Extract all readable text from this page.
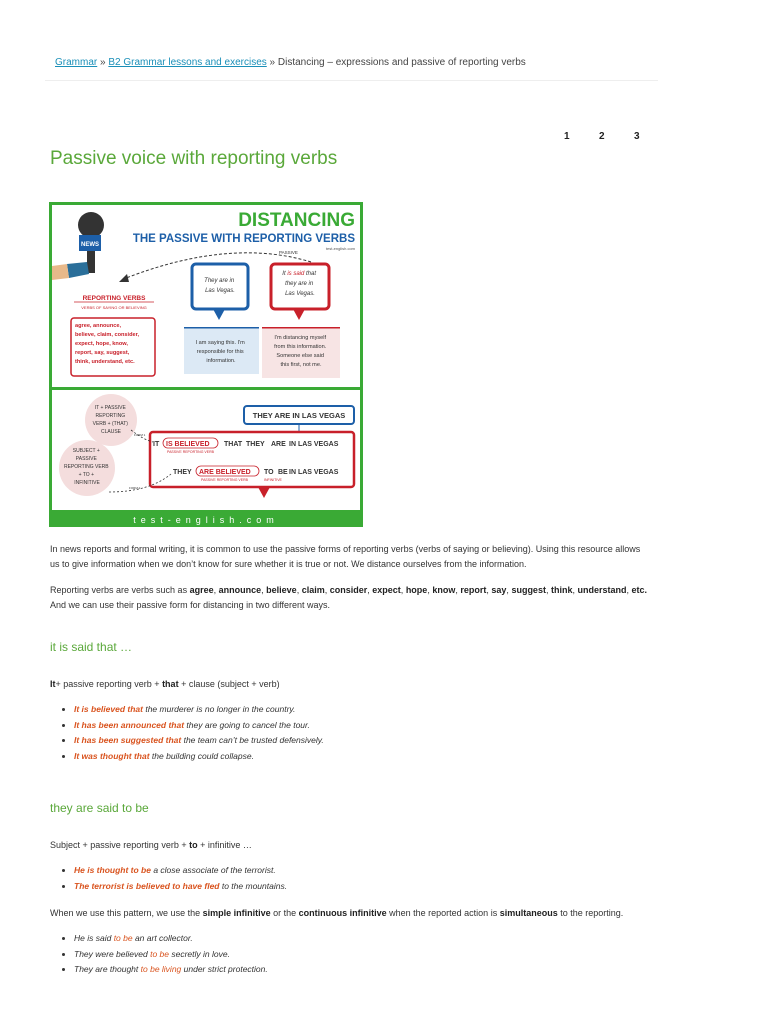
Grammar » B2 Grammar lessons and exercises » Distancing – expressions and passive of reporting verbs
1	2	3
Passive voice with reporting verbs
NEWS
DISTANCING
THE PASSIVE WITH REPORTING VERBS
test-english.com
PASSIVE
REPORTING VERBS
VERBS OF SAYING OR BELIEVING
agree, announce, believe, claim, consider, expect, hope, know, report, say, suggest, think, understand, etc.
They are in Las Vegas.
It is said that they are in Las Vegas.
I am saying this. I'm responsible for this information.
I'm distancing myself from this information. Someone else said this first, not me.
IT + PASSIVE REPORTING VERB + (THAT) CLAUSE
SUBJECT + PASSIVE REPORTING VERB + TO + INFINITIVE
THEY ARE IN LAS VEGAS
IT IS BELIEVED THAT THEY ARE IN LAS VEGAS
PASSIVE REPORTING VERB
THEY ARE BELIEVED TO BE IN LAS VEGAS
PASSIVE REPORTING VERB	INFINITIVE
FORM 1
FORM 2
test-english.com

In news reports and formal writing, it is common to use the passive forms of reporting verbs (verbs of saying or believing). Using this resource allows us to give information when we don’t know for sure whether it is true or not. We distance ourselves from the information.

Reporting verbs are verbs such as agree, announce, believe, claim, consider, expect, hope, know, report, say, suggest, think, understand, etc. And we can use their passive form for distancing in two different ways.

it is said that …

It+ passive reporting verb + that + clause (subject + verb)

• It is believed that the murderer is no longer in the country.
• It has been announced that they are going to cancel the tour.
• It has been suggested that the team can’t be trusted defensively.
• It was thought that the building could collapse.
they are said to be

Subject + passive reporting verb + to + infinitive …

• He is thought to be a close associate of the terrorist.
• The terrorist is believed to have fled to the mountains.

When we use this pattern, we use the simple infinitive or the continuous infinitive when the reported action is simultaneous to the reporting.

• He is said to be an art collector.
• They were believed to be secretly in love.
• They are thought to be living under strict protection.
